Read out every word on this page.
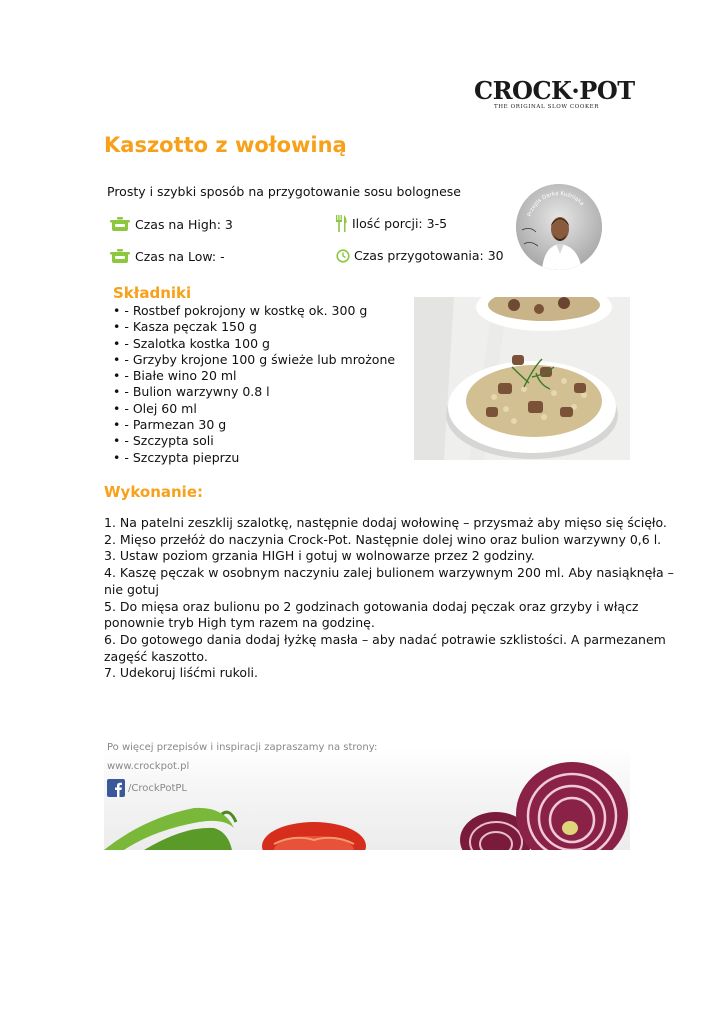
CROCK·POT
THE ORIGINAL SLOW COOKER
Kaszotto z wołowiną
Prosty i szybki sposób na przygotowanie sosu bolognese
Czas na High: 3
Czas na Low: -
Ilość porcji: 3-5
Czas przygotowania: 30
Przepis Darka Kuźniaka
Składniki
• - Rostbef pokrojony w kostkę ok. 300 g
• - Kasza pęczak 150 g
• - Szalotka kostka 100 g
• - Grzyby krojone 100 g świeże lub mrożone
• - Białe wino 20 ml
• - Bulion warzywny 0.8 l
• - Olej 60 ml
• - Parmezan 30 g
• - Szczypta soli
• - Szczypta pieprzu
Wykonanie:
1. Na patelni zeszklij szalotkę, następnie dodaj wołowinę – przysmaż aby mięso się ścięło.
2. Mięso przełóż do naczynia Crock-Pot. Następnie dolej wino oraz bulion warzywny 0,6 l.
3. Ustaw poziom grzania HIGH i gotuj w wolnowarze przez 2 godziny.
4. Kaszę pęczak w osobnym naczyniu zalej bulionem warzywnym 200 ml. Aby nasiąknęła –
nie gotuj
5. Do mięsa oraz bulionu po 2 godzinach gotowania dodaj pęczak oraz grzyby i włącz
ponownie tryb High tym razem na godzinę.
6. Do gotowego dania dodaj łyżkę masła – aby nadać potrawie szklistości. A parmezanem
zagęść kaszotto.
7. Udekoruj liśćmi rukoli.
Po więcej przepisów i inspiracji zapraszamy na strony:
www.crockpot.pl
/CrockPotPL
